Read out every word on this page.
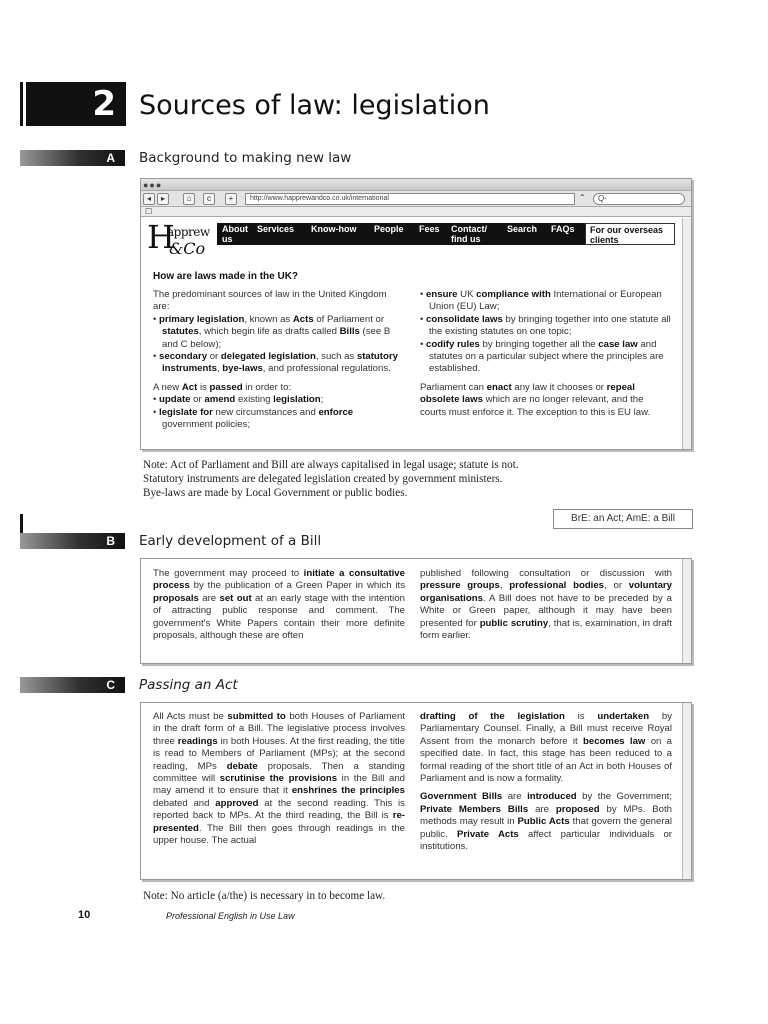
2 Sources of law: legislation
A	Background to making new law
●●●
◂	▸	⌂	c	+	http://www.happrewandco.co.uk/international	⌃	Q-
☐
H
apprew
&Co
About us
Services Know-how People Fees Contact/ find us
Search FAQs	For our overseas clients
How are laws made in the UK?
The predominant sources of law in the United Kingdom are:
• primary legislation, known as Acts of Parliament or statutes, which begin life as drafts called Bills (see B and C below);
• secondary or delegated legislation, such as statutory instruments, bye-laws, and professional regulations.
A new Act is passed in order to:
• update or amend existing legislation;
• legislate for new circumstances and enforce government policies;
• ensure UK compliance with International or European Union (EU) Law;
• consolidate laws by bringing together into one statute all the existing statutes on one topic;
• codify rules by bringing together all the case law and statutes on a particular subject where the principles are established.
Parliament can enact any law it chooses or repeal obsolete laws which are no longer relevant, and the courts must enforce it. The exception to this is EU law.
Note: Act of Parliament and Bill are always capitalised in legal usage; statute is not.
Statutory instruments are delegated legislation created by government ministers.
Bye-laws are made by Local Government or public bodies.
BrE: an Act; AmE: a Bill
B	Early development of a Bill
The government may proceed to initiate a consultative process by the publication of a Green Paper in which its proposals are set out at an early stage with the intention of attracting public response and comment. The government's White Papers contain their more definite proposals, although these are often
published following consultation or discussion with pressure groups, professional bodies, or voluntary organisations. A Bill does not have to be preceded by a White or Green paper, although it may have been presented for public scrutiny, that is, examination, in draft form earlier.
C	Passing an Act
All Acts must be submitted to both Houses of Parliament in the draft form of a Bill. The legislative process involves three readings in both Houses. At the first reading, the title is read to Members of Parliament (MPs); at the second reading, MPs debate proposals. Then a standing committee will scrutinise the provisions in the Bill and may amend it to ensure that it enshrines the principles debated and approved at the second reading. This is reported back to MPs. At the third reading, the Bill is re-presented. The Bill then goes through readings in the upper house. The actual
drafting of the legislation is undertaken by Parliamentary Counsel. Finally, a Bill must receive Royal Assent from the monarch before it becomes law on a specified date. In fact, this stage has been reduced to a formal reading of the short title of an Act in both Houses of Parliament and is now a formality.
Government Bills are introduced by the Government; Private Members Bills are proposed by MPs. Both methods may result in Public Acts that govern the general public. Private Acts affect particular individuals or institutions.
Note: No article (a/the) is necessary in to become law.
10	Professional English in Use Law
